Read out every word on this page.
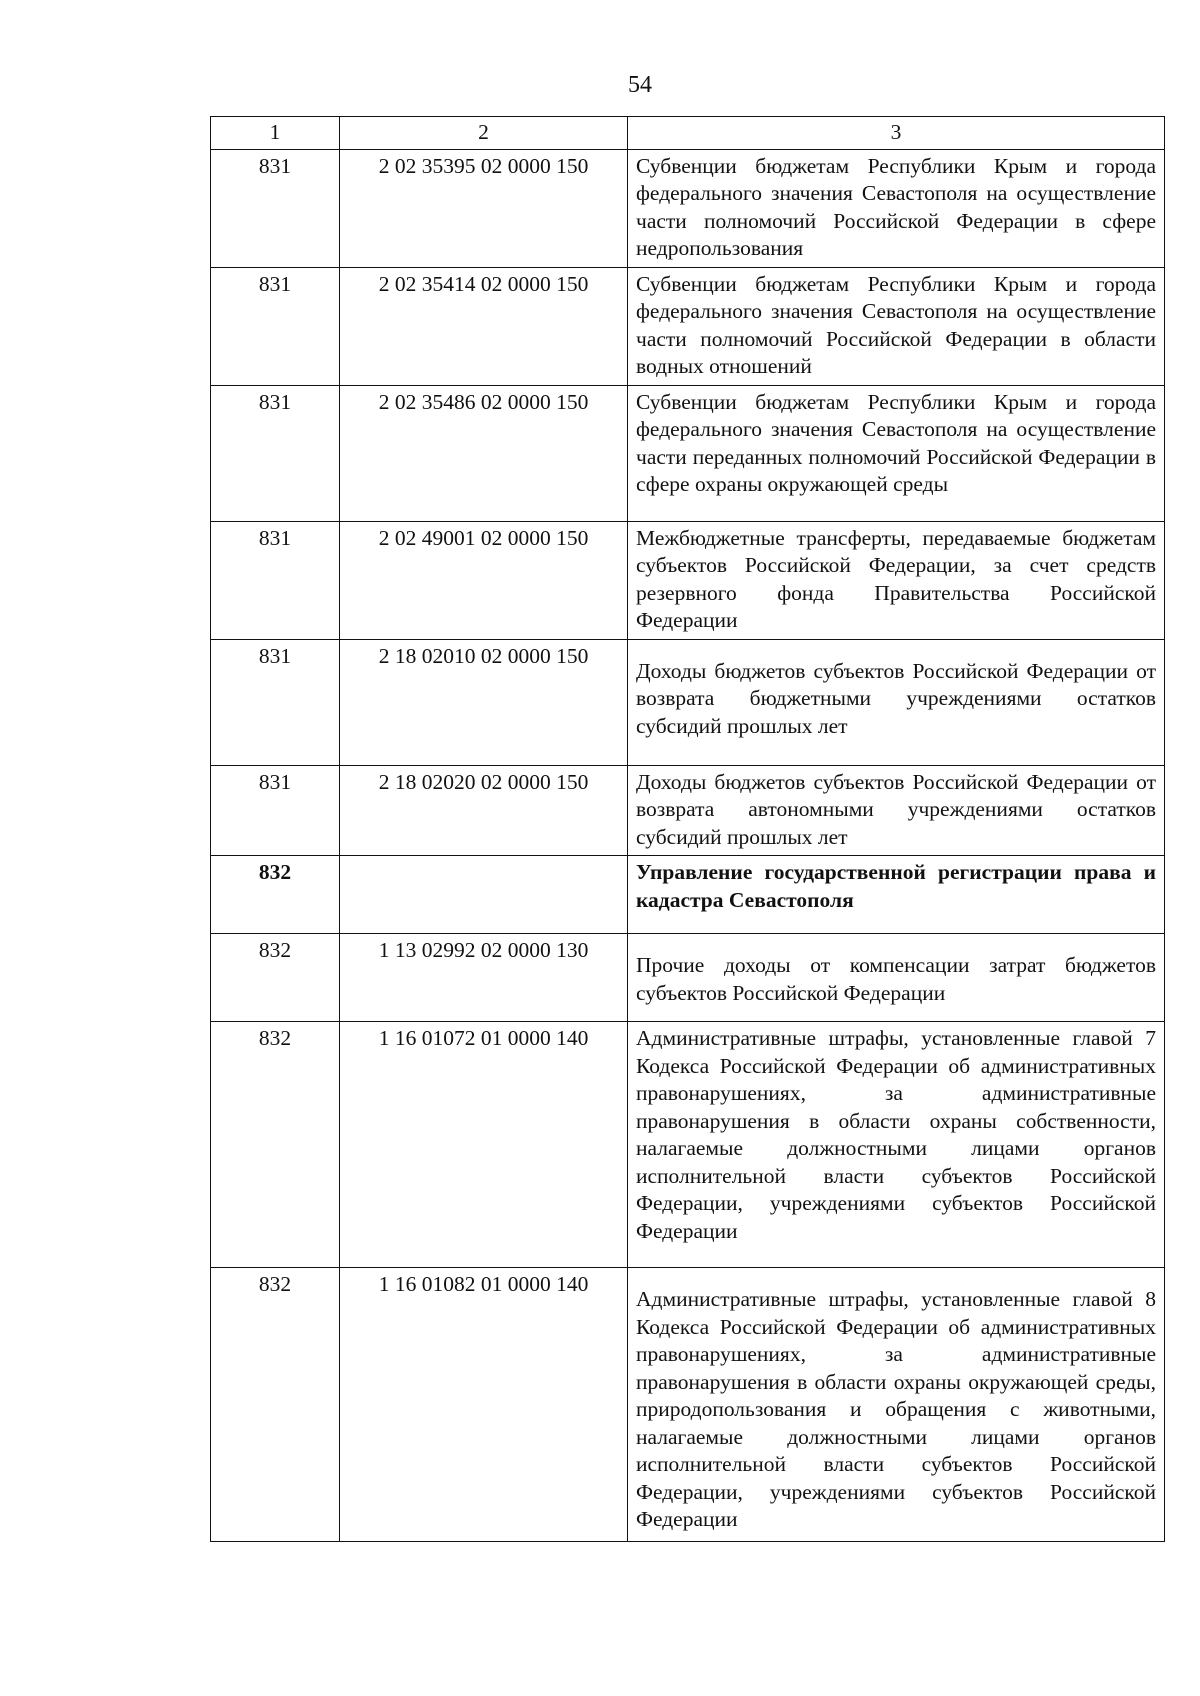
54
1	2	3
831	2 02 35395 02 0000 150	Субвенции бюджетам Республики Крым и города федерального значения Севастополя на осуществление части полномочий Российской Федерации в сфере недропользования
831	2 02 35414 02 0000 150	Субвенции бюджетам Республики Крым и города федерального значения Севастополя на осуществление части полномочий Российской Федерации в области водных отношений
831	2 02 35486 02 0000 150	Субвенции бюджетам Республики Крым и города федерального значения Севастополя на осуществление части переданных полномочий Российской Федерации в сфере охраны окружающей среды
831	2 02 49001 02 0000 150	Межбюджетные трансферты, передаваемые бюджетам субъектов Российской Федерации, за счет средств резервного фонда Правительства Российской Федерации
831	2 18 02010 02 0000 150	Доходы бюджетов субъектов Российской Федерации от возврата бюджетными учреждениями остатков субсидий прошлых лет
831	2 18 02020 02 0000 150	Доходы бюджетов субъектов Российской Федерации от возврата автономными учреждениями остатков субсидий прошлых лет
832		Управление государственной регистрации права и кадастра Севастополя
832	1 13 02992 02 0000 130	Прочие доходы от компенсации затрат бюджетов субъектов Российской Федерации
832	1 16 01072 01 0000 140	Административные штрафы, установленные главой 7 Кодекса Российской Федерации об административных правонарушениях, за административные правонарушения в области охраны собственности, налагаемые должностными лицами органов исполнительной власти субъектов Российской Федерации, учреждениями субъектов Российской Федерации
832	1 16 01082 01 0000 140	Административные штрафы, установленные главой 8 Кодекса Российской Федерации об административных правонарушениях, за административные правонарушения в области охраны окружающей среды, природопользования и обращения с животными, налагаемые должностными лицами органов исполнительной власти субъектов Российской Федерации, учреждениями субъектов Российской Федерации
